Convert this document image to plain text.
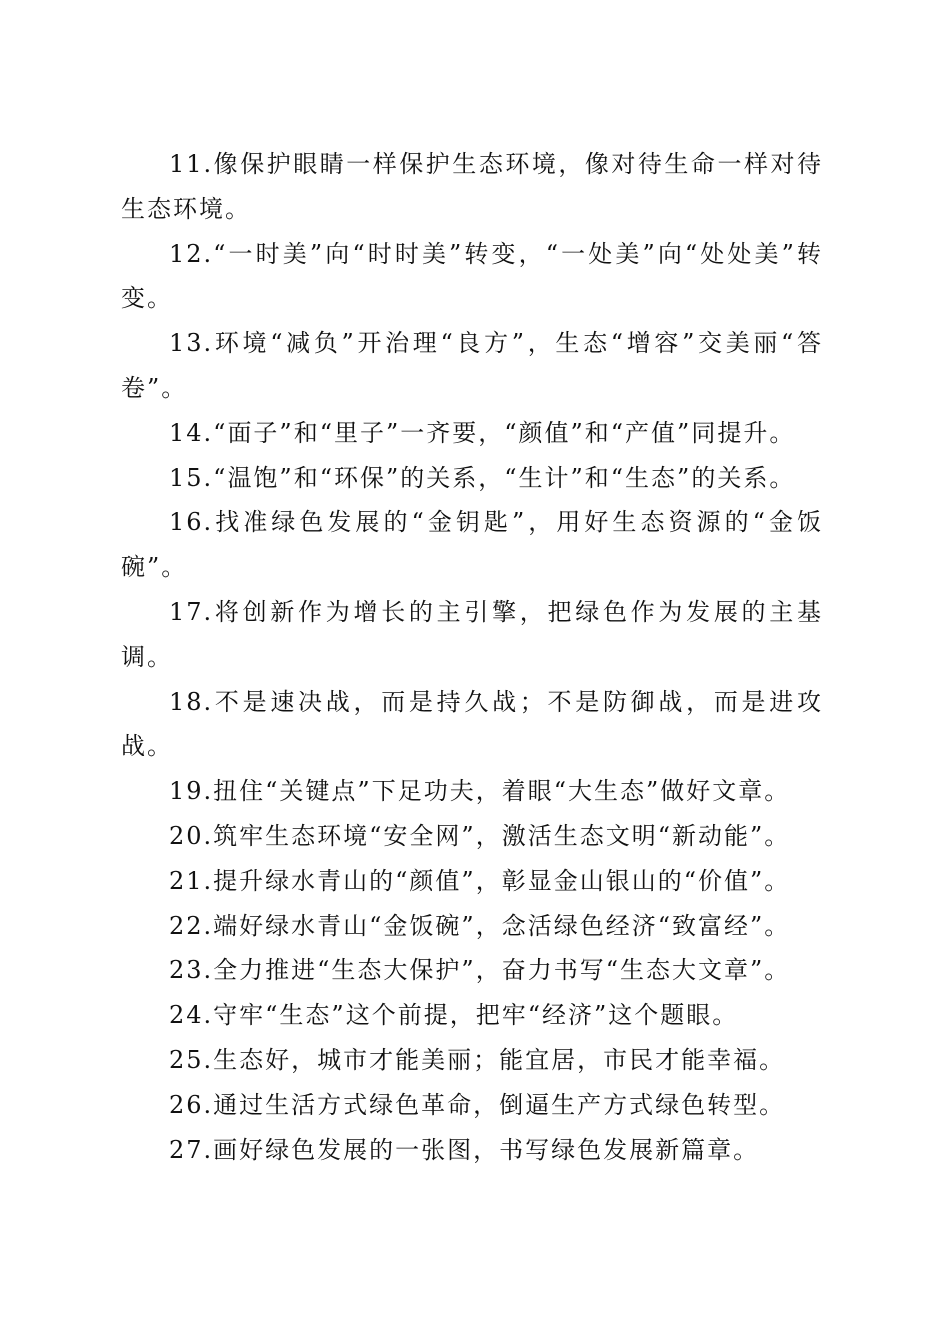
11.像保护眼睛一样保护生态环境，像对待生命一样对待生态环境。

12.“一时美”向“时时美”转变，“一处美”向“处处美”转变。

13.环境“减负”开治理“良方”，生态“增容”交美丽“答卷”。

14.“面子”和“里子”一齐要，“颜值”和“产值”同提升。

15.“温饱”和“环保”的关系，“生计”和“生态”的关系。

16.找准绿色发展的“金钥匙”，用好生态资源的“金饭碗”。

17.将创新作为增长的主引擎，把绿色作为发展的主基调。

18.不是速决战，而是持久战；不是防御战，而是进攻战。

19.扭住“关键点”下足功夫，着眼“大生态”做好文章。

20.筑牢生态环境“安全网”，激活生态文明“新动能”。

21.提升绿水青山的“颜值”，彰显金山银山的“价值”。

22.端好绿水青山“金饭碗”，念活绿色经济“致富经”。

23.全力推进“生态大保护”，奋力书写“生态大文章”。

24.守牢“生态”这个前提，把牢“经济”这个题眼。

25.生态好，城市才能美丽；能宜居，市民才能幸福。

26.通过生活方式绿色革命，倒逼生产方式绿色转型。

27.画好绿色发展的一张图，书写绿色发展新篇章。
